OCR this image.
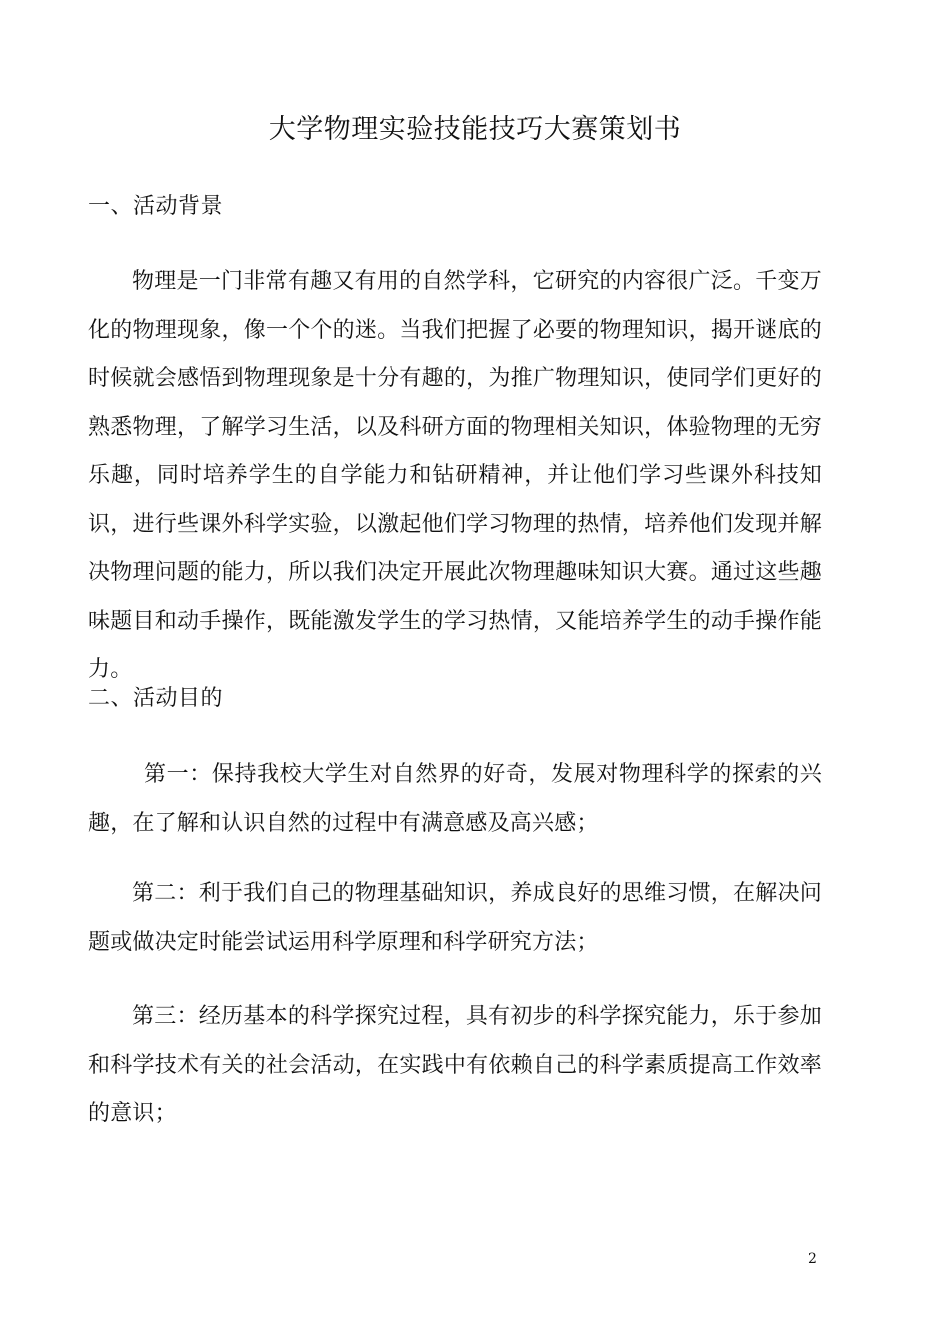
大学物理实验技能技巧大赛策划书
一、活动背景
物理是一门非常有趣又有用的自然学科，它研究的内容很广泛。千变万化的物理现象，像一个个的迷。当我们把握了必要的物理知识，揭开谜底的时候就会感悟到物理现象是十分有趣的，为推广物理知识，使同学们更好的熟悉物理，了解学习生活，以及科研方面的物理相关知识，体验物理的无穷乐趣，同时培养学生的自学能力和钻研精神，并让他们学习些课外科技知识，进行些课外科学实验，以激起他们学习物理的热情，培养他们发现并解决物理问题的能力，所以我们决定开展此次物理趣味知识大赛。通过这些趣味题目和动手操作，既能激发学生的学习热情，又能培养学生的动手操作能力。
二、活动目的
第一：保持我校大学生对自然界的好奇，发展对物理科学的探索的兴趣，在了解和认识自然的过程中有满意感及高兴感；
第二：利于我们自己的物理基础知识，养成良好的思维习惯，在解决问题或做决定时能尝试运用科学原理和科学研究方法；
第三：经历基本的科学探究过程，具有初步的科学探究能力，乐于参加和科学技术有关的社会活动，在实践中有依赖自己的科学素质提高工作效率的意识；
2
